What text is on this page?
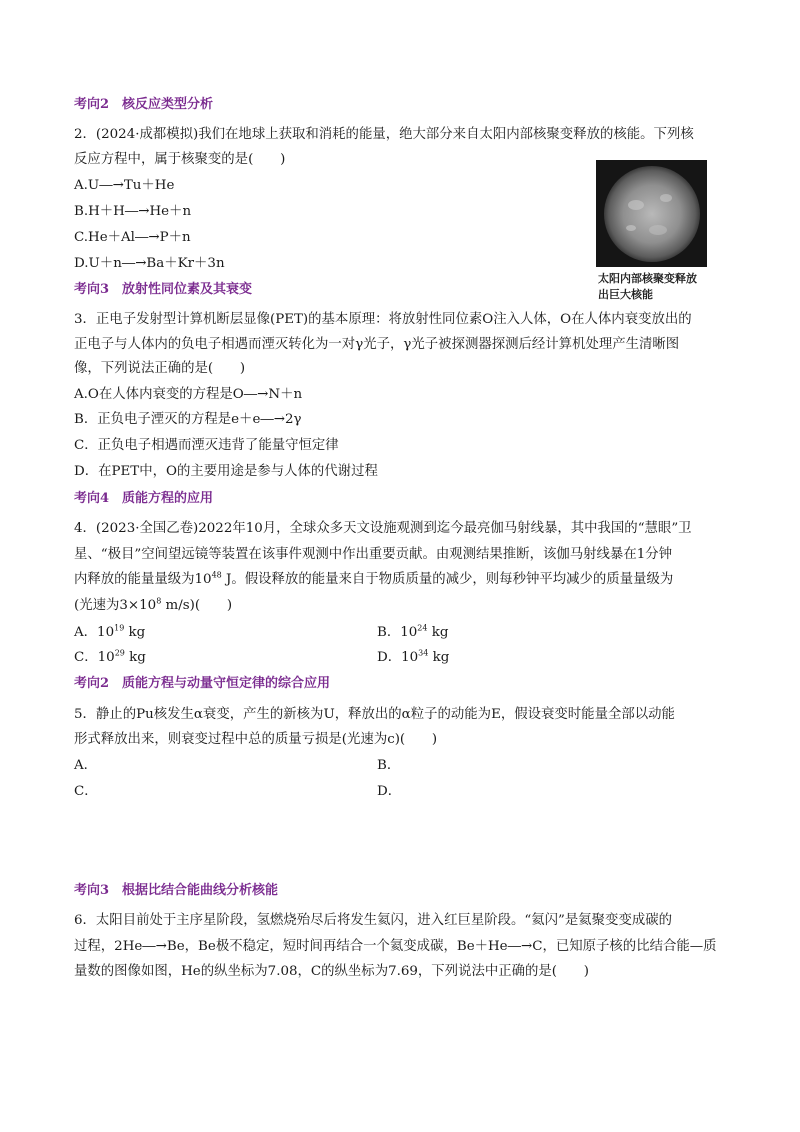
考向2　核反应类型分析
2．(2024·成都模拟)我们在地球上获取和消耗的能量，绝大部分来自太阳内部核聚变释放的核能。下列核
反应方程中，属于核聚变的是(　　)
A.U―→Tu＋He
B.H＋H―→He＋n
C.He＋Al―→P＋n
D.U＋n―→Ba＋Kr＋3n
太阳内部核聚变释放
出巨大核能
考向3　放射性同位素及其衰变
3．正电子发射型计算机断层显像(PET)的基本原理：将放射性同位素O注入人体，O在人体内衰变放出的
正电子与人体内的负电子相遇而湮灭转化为一对γ光子，γ光子被探测器探测后经计算机处理产生清晰图
像，下列说法正确的是(　　)
A.O在人体内衰变的方程是O―→N＋n
B．正负电子湮灭的方程是e＋e―→2γ
C．正负电子相遇而湮灭违背了能量守恒定律
D．在PET中，O的主要用途是参与人体的代谢过程
考向4　质能方程的应用
4．(2023·全国乙卷)2022年10月，全球众多天文设施观测到迄今最亮伽马射线暴，其中我国的“慧眼”卫
星、“极目”空间望远镜等装置在该事件观测中作出重要贡献。由观测结果推断，该伽马射线暴在1分钟
内释放的能量量级为$10^{48}$ J。假设释放的能量来自于物质质量的减少，则每秒钟平均减少的质量量级为
(光速为$3\times 10^8$ m/s)(　　)
A．$10^{19}$ kg	B．$10^{24}$ kg
C．$10^{29}$ kg	D．$10^{34}$ kg
考向2　质能方程与动量守恒定律的综合应用
5．静止的Pu核发生α衰变，产生的新核为U，释放出的α粒子的动能为E，假设衰变时能量全部以动能
形式释放出来，则衰变过程中总的质量亏损是(光速为c)(　　)
A．	B．
C．	D．
考向3　根据比结合能曲线分析核能
6．太阳目前处于主序星阶段，氢燃烧殆尽后将发生氦闪，进入红巨星阶段。“氦闪”是氦聚变变成碳的
过程，2He―→Be，Be极不稳定，短时间再结合一个氦变成碳，Be＋He―→C，已知原子核的比结合能—质
量数的图像如图，He的纵坐标为7.08，C的纵坐标为7.69，下列说法中正确的是(　　)
